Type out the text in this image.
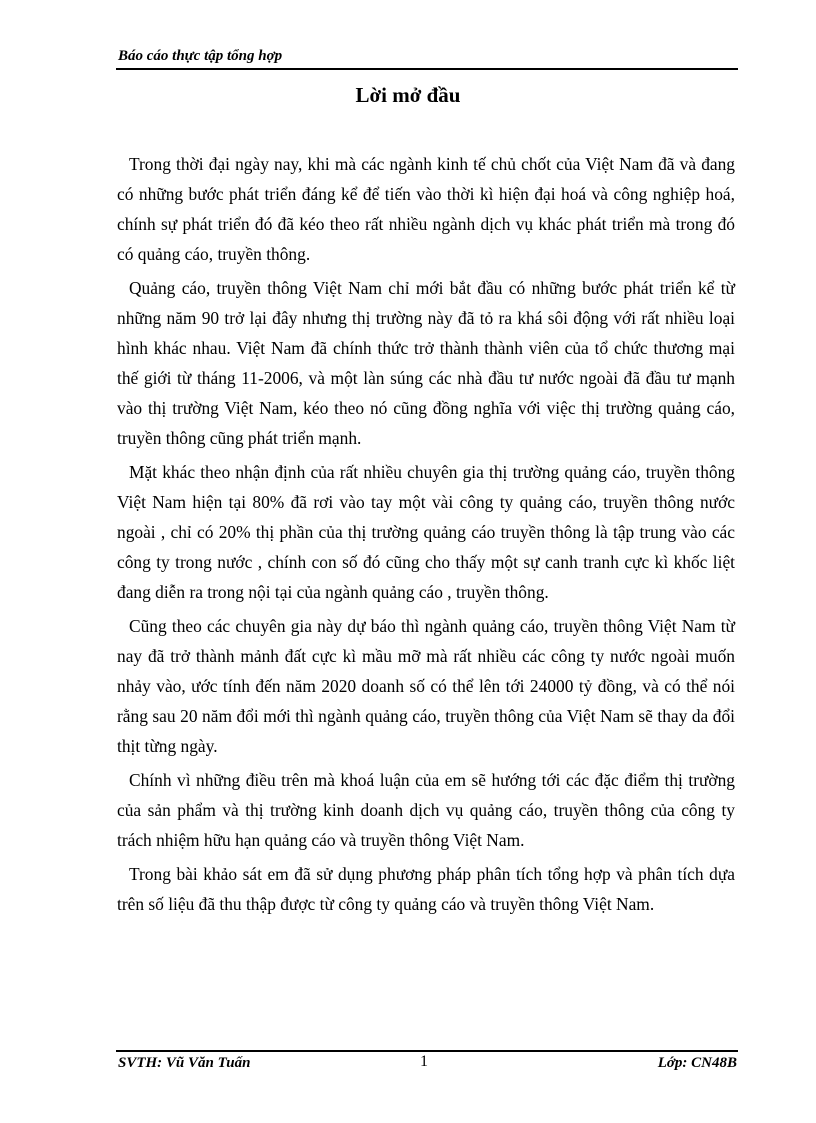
Báo cáo thực tập tổng hợp
Lời mở đầu

Trong thời đại ngày nay, khi mà các ngành kinh tế chủ chốt của Việt Nam đã và đang có những bước phát triển đáng kể để tiến vào thời kì hiện đại hoá và công nghiệp hoá, chính sự phát triển đó đã kéo theo rất nhiều ngành dịch vụ khác phát triển mà trong đó có quảng cáo, truyền thông.

Quảng cáo, truyền thông Việt Nam chỉ mới bắt đầu có những bước phát triển kể từ những năm 90 trở lại đây nhưng thị trường này đã tỏ ra khá sôi động với rất nhiều loại hình khác nhau. Việt Nam đã chính thức trở thành thành viên của tổ chức thương mại thế giới từ tháng 11-2006, và một làn súng các nhà đầu tư nước ngoài đã đầu tư mạnh vào thị trường Việt Nam, kéo theo nó cũng đồng nghĩa với việc thị trường quảng cáo, truyền thông cũng phát triển mạnh.

Mặt khác theo nhận định của rất nhiều chuyên gia thị trường quảng cáo, truyền thông Việt Nam hiện tại 80% đã rơi vào tay một vài công ty quảng cáo, truyền thông nước ngoài , chỉ có 20% thị phần của thị trường quảng cáo truyền thông là tập trung vào các công ty trong nước , chính con số đó cũng cho thấy một sự canh tranh cực kì khốc liệt đang diễn ra trong nội tại của ngành quảng cáo , truyền thông.

Cũng theo các chuyên gia này dự báo thì ngành quảng cáo, truyền thông Việt Nam từ nay đã trở thành mảnh đất cực kì mầu mỡ mà rất nhiều các công ty nước ngoài muốn nhảy vào, ước tính đến năm 2020 doanh số có thể lên tới 24000 tỷ đồng, và có thể nói rằng sau 20 năm đổi mới thì ngành quảng cáo, truyền thông của Việt Nam sẽ thay da đổi thịt từng ngày.

Chính vì những điều trên mà khoá luận của em sẽ hướng tới các đặc điểm thị trường của sản phẩm và thị trường kinh doanh dịch vụ quảng cáo, truyền thông của công ty trách nhiệm hữu hạn quảng cáo và truyền thông Việt Nam.

Trong bài khảo sát em đã sử dụng phương pháp phân tích tổng hợp và phân tích dựa trên số liệu đã thu thập được từ công ty quảng cáo và truyền thông Việt Nam.

SVTH: Vũ Văn Tuấn	1	Lớp: CN48B
